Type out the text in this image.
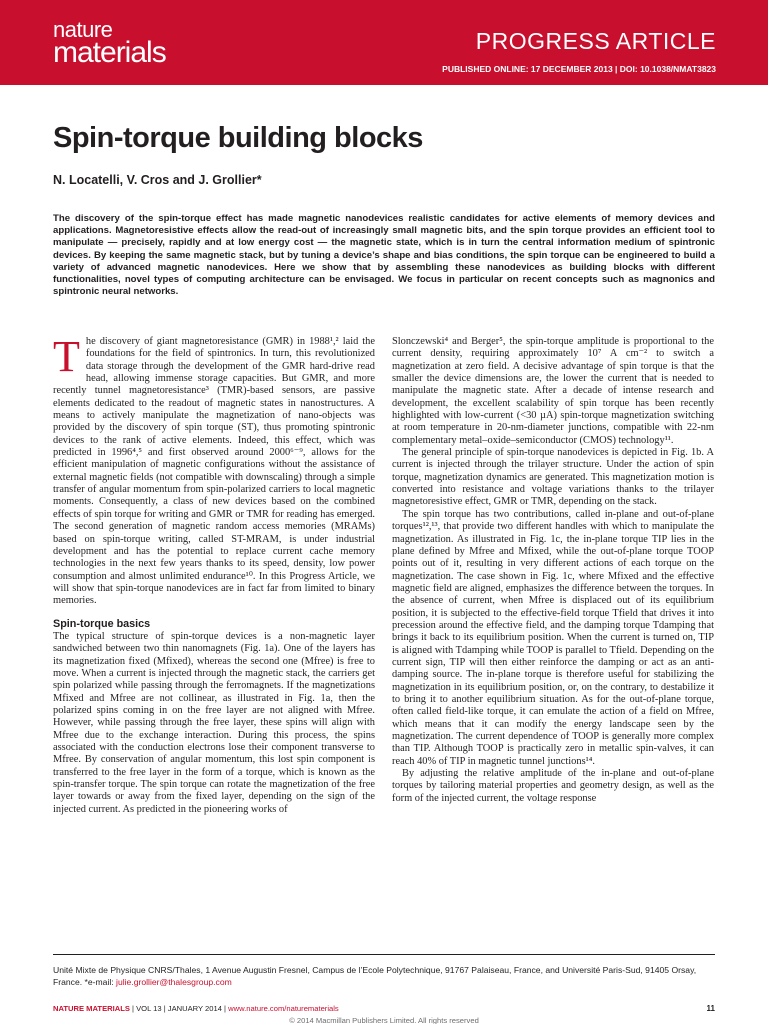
nature
materials	PROGRESS ARTICLE
PUBLISHED ONLINE: 17 DECEMBER 2013 | DOI: 10.1038/NMAT3823
Spin-torque building blocks
N. Locatelli, V. Cros and J. Grollier*
The discovery of the spin-torque effect has made magnetic nanodevices realistic candidates for active elements of memory devices and applications. Magnetoresistive effects allow the read-out of increasingly small magnetic bits, and the spin torque provides an efficient tool to manipulate — precisely, rapidly and at low energy cost — the magnetic state, which is in turn the central information medium of spintronic devices. By keeping the same magnetic stack, but by tuning a device’s shape and bias conditions, the spin torque can be engineered to build a variety of advanced magnetic nanodevices. Here we show that by assembling these nanodevices as building blocks with different functionalities, novel types of computing architecture can be envisaged. We focus in particular on recent concepts such as magnonics and spintronic neural networks.

The discovery of giant magnetoresistance (GMR) in 1988¹,² laid the foundations for the field of spintronics. In turn, this revolutionized data storage through the development of the GMR hard-drive read head, allowing immense storage capacities. But GMR, and more recently tunnel magnetoresistance³ (TMR)-based sensors, are passive elements dedicated to the readout of magnetic states in nanostructures. A means to actively manipulate the magnetization of nano-objects was provided by the discovery of spin torque (ST), thus promoting spintronic devices to the rank of active elements. Indeed, this effect, which was predicted in 1996⁴,⁵ and first observed around 2000⁶⁻⁹, allows for the efficient manipulation of magnetic configurations without the assistance of external magnetic fields (not compatible with downscaling) through a simple transfer of angular momentum from spin-polarized carriers to local magnetic moments. Consequently, a class of new devices based on the combined effects of spin torque for writing and GMR or TMR for reading has emerged. The second generation of magnetic random access memories (MRAMs) based on spin-torque writing, called ST-MRAM, is under industrial development and has the potential to replace current cache memory technologies in the next few years thanks to its speed, density, low power consumption and almost unlimited endurance¹⁰. In this Progress Article, we will show that spin-torque nanodevices are in fact far from limited to binary memories.

Spin-torque basics

The typical structure of spin-torque devices is a non-magnetic layer sandwiched between two thin nanomagnets (Fig. 1a). One of the layers has its magnetization fixed (Mfixed), whereas the second one (Mfree) is free to move. When a current is injected through the magnetic stack, the carriers get spin polarized while passing through the ferromagnets. If the magnetizations Mfixed and Mfree are not collinear, as illustrated in Fig. 1a, then the polarized spins coming in on the free layer are not aligned with Mfree. However, while passing through the free layer, these spins will align with Mfree due to the exchange interaction. During this process, the spins associated with the conduction electrons lose their component transverse to Mfree. By conservation of angular momentum, this lost spin component is transferred to the free layer in the form of a torque, which is known as the spin-transfer torque. The spin torque can rotate the magnetization of the free layer towards or away from the fixed layer, depending on the sign of the injected current. As predicted in the pioneering works of

Slonczewski⁴ and Berger⁵, the spin-torque amplitude is proportional to the current density, requiring approximately 10⁷ A cm⁻² to switch a magnetization at zero field. A decisive advantage of spin torque is that the smaller the device dimensions are, the lower the current that is needed to manipulate the magnetic state. After a decade of intense research and development, the excellent scalability of spin torque has been recently highlighted with low-current (<30 µA) spin-torque magnetization switching at room temperature in 20-nm-diameter junctions, compatible with 22-nm complementary metal–oxide–semiconductor (CMOS) technology¹¹.

The general principle of spin-torque nanodevices is depicted in Fig. 1b. A current is injected through the trilayer structure. Under the action of spin torque, magnetization dynamics are generated. This magnetization motion is converted into resistance and voltage variations thanks to the trilayer magnetoresistive effect, GMR or TMR, depending on the stack.

The spin torque has two contributions, called in-plane and out-of-plane torques¹²,¹³, that provide two different handles with which to manipulate the magnetization. As illustrated in Fig. 1c, the in-plane torque TIP lies in the plane defined by Mfree and Mfixed, while the out-of-plane torque TOOP points out of it, resulting in very different actions of each torque on the magnetization. The case shown in Fig. 1c, where Mfixed and the effective magnetic field are aligned, emphasizes the difference between the torques. In the absence of current, when Mfree is displaced out of its equilibrium position, it is subjected to the effective-field torque Tfield that drives it into precession around the effective field, and the damping torque Tdamping that brings it back to its equilibrium position. When the current is turned on, TIP is aligned with Tdamping while TOOP is parallel to Tfield. Depending on the current sign, TIP will then either reinforce the damping or act as an anti-damping source. The in-plane torque is therefore useful for stabilizing the magnetization in its equilibrium position, or, on the contrary, to destabilize it to bring it to another equilibrium situation. As for the out-of-plane torque, often called field-like torque, it can emulate the action of a field on Mfree, which means that it can modify the energy landscape seen by the magnetization. The current dependence of TOOP is generally more complex than TIP. Although TOOP is practically zero in metallic spin-valves, it can reach 40% of TIP in magnetic tunnel junctions¹⁴.

By adjusting the relative amplitude of the in-plane and out-of-plane torques by tailoring material properties and geometry design, as well as the form of the injected current, the voltage response

Unité Mixte de Physique CNRS/Thales, 1 Avenue Augustin Fresnel, Campus de l’Ecole Polytechnique, 91767 Palaiseau, France, and Université Paris-Sud, 91405 Orsay, France. *e-mail: julie.grollier@thalesgroup.com
NATURE MATERIALS | VOL 13 | JANUARY 2014 | www.nature.com/naturematerials	11
© 2014 Macmillan Publishers Limited. All rights reserved
